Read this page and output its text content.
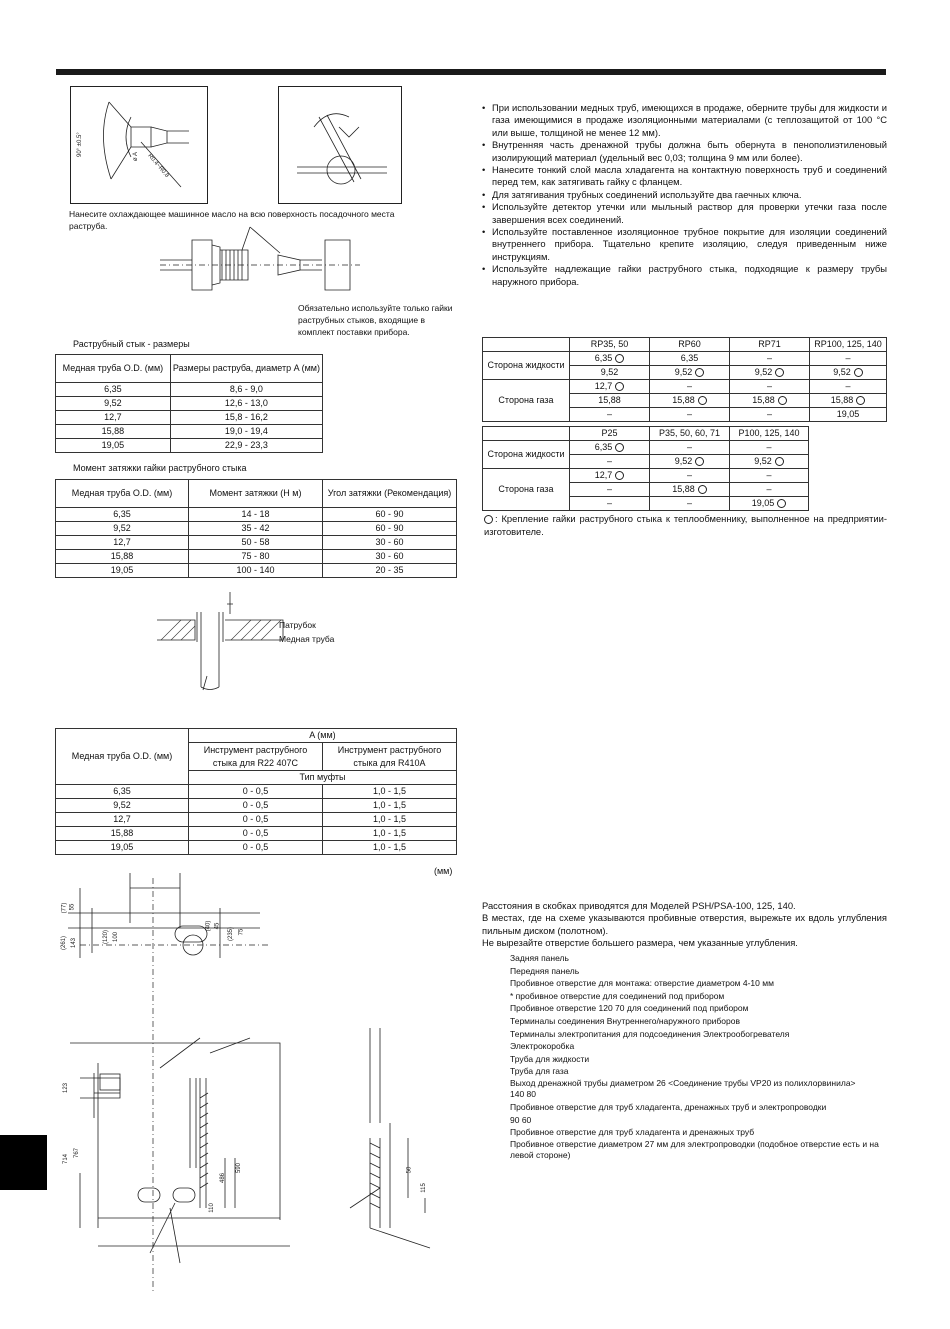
90° ±0.5°	ø A R0.4~R0.8
Нанесите охлаждающее машинное масло на всю поверхность посадочного места раструба.
Обязательно используйте только гайки раструбных стыков, входящие в комплект поставки прибора.
Раструбный стык - размеры
Медная труба O.D. (мм)	Размеры раструба, диаметр A (мм)
6,35	8,6 - 9,0
9,52	12,6 - 13,0
12,7	15,8 - 16,2
15,88	19,0 - 19,4
19,05	22,9 - 23,3
Момент затяжки гайки раструбного стыка
Медная труба O.D. (мм)	Момент затяжки (Н м)	Угол затяжки (Рекомендация)
6,35	14 - 18	60 - 90
9,52	35 - 42	60 - 90
12,7	50 - 58	30 - 60
15,88	75 - 80	30 - 60
19,05	100 - 140	20 - 35
Патрубок
Медная труба
Медная труба O.D. (мм)	A (мм)	
	Инструмент раструбного стыка для R22 407C	Инструмент раструбного стыка для R410A
	Тип муфты	
6,35	0 - 0,5	1,0 - 1,5
9,52	0 - 0,5	1,0 - 1,5
12,7	0 - 0,5	1,0 - 1,5
15,88	0 - 0,5	1,0 - 1,5
19,05	0 - 0,5	1,0 - 1,5
(мм)
• При использовании медных труб, имеющихся в продаже, оберните трубы для жидкости и газа имеющимися в продаже изоляционными материалами (с теплозащитой от 100 °C или выше, толщиной не менее 12 мм).
• Внутренняя часть дренажной трубы должна быть обернута в пенополиэтиленовый изолирующий материал (удельный вес 0,03; толщина 9 мм или более).
• Нанесите тонкий слой масла хладагента на контактную поверхность труб и соединений перед тем, как затягивать гайку с фланцем.
• Для затягивания трубных соединений используйте два гаечных ключа.
• Используйте детектор утечки или мыльный раствор для проверки утечки газа после завершения всех соединений.
• Используйте поставленное изоляционное трубное покрытие для изоляции соединений внутреннего прибора. Тщательно крепите изоляцию, следуя приведенным ниже инструкциям.
• Используйте надлежащие гайки раструбного стыка, подходящие к размеру трубы наружного прибора.
	RP35, 50	RP60	RP71	RP100, 125, 140
Сторона жидкости	6,35	6,35	–	–
	9,52	9,52	9,52	9,52
Сторона газа	12,7	–	–	–
	15,88	15,88	15,88	15,88
	–	–	–	19,05
	P25	P35, 50, 60, 71	P100, 125, 140
Сторона жидкости	6,35	–	–
	–	9,52	9,52
Сторона газа	12,7	–	–
	–	15,88	–
	–	–	19,05
: Крепление гайки раструбного стыка к теплообменнику, выполненное на предприятии-изготовителе.
Расстояния в скобках приводятся для Моделей PSH/PSA-100, 125, 140.
В местах, где на схеме указываются пробивные отверстия, вырежьте их вдоль углубления пильным диском (полотном).
Не вырезайте отверстие большего размера, чем указанные углубления.
Задняя панель
Передняя панель
Пробивное отверстие для монтажа: отверстие диаметром 4-10 мм
* пробивное отверстие для соединений под прибором
Пробивное отверстие 120 70 для соединений под прибором
Терминалы соединения Внутреннего/наружного приборов
Терминалы электропитания для подсоединения Электрообогревателя
Электрокоробка
Труба для жидкости
Труба для газа
Выход дренажной трубы диаметром 26 <Соединение трубы VP20 из полихлорвинила>
140 80
Пробивное отверстие для труб хладагента, дренажных труб и электропроводки
90 60
Пробивное отверстие для труб хладагента и дренажных труб
Пробивное отверстие диаметром 27 мм для электропроводки (подобное отверстие есть и на левой стороне)
(77) 55
(261) 143	(120) 100
(40) 45
(235) 75
123
714
767
590
486
110
50
115
